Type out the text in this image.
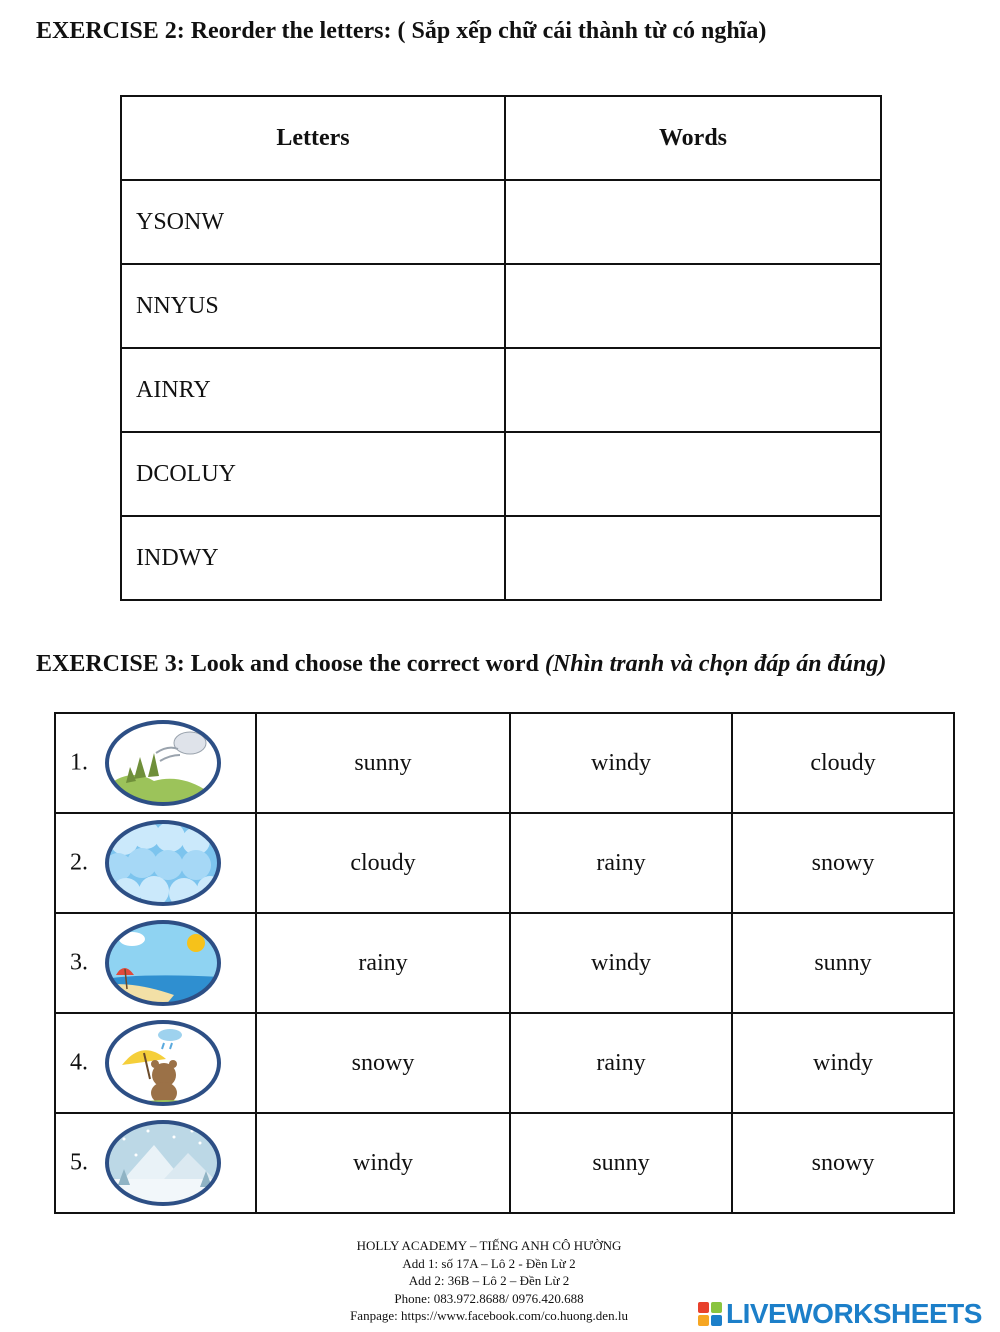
EXERCISE 2: Reorder the letters: ( Sắp xếp chữ cái thành từ có nghĩa)
Letters	Words
YSONW	
NNYUS	
AINRY	
DCOLUY	
INDWY	
EXERCISE 3: Look and choose the correct word (Nhìn tranh và chọn đáp án đúng)
1.	sunny	windy	cloudy

2.	cloudy	rainy	snowy

3.	rainy	windy	sunny

4.	snowy	rainy	windy

5.	windy	sunny	snowy
HOLLY ACADEMY – TIẾNG ANH CÔ HƯỜNG
Add 1: số 17A – Lô 2 - Đền Lừ 2
Add 2: 36B – Lô 2 – Đền Lừ 2
Phone: 083.972.8688/ 0976.420.688
Fanpage: https://www.facebook.com/co.huong.den.lu	LIVEWORKSHEETS
